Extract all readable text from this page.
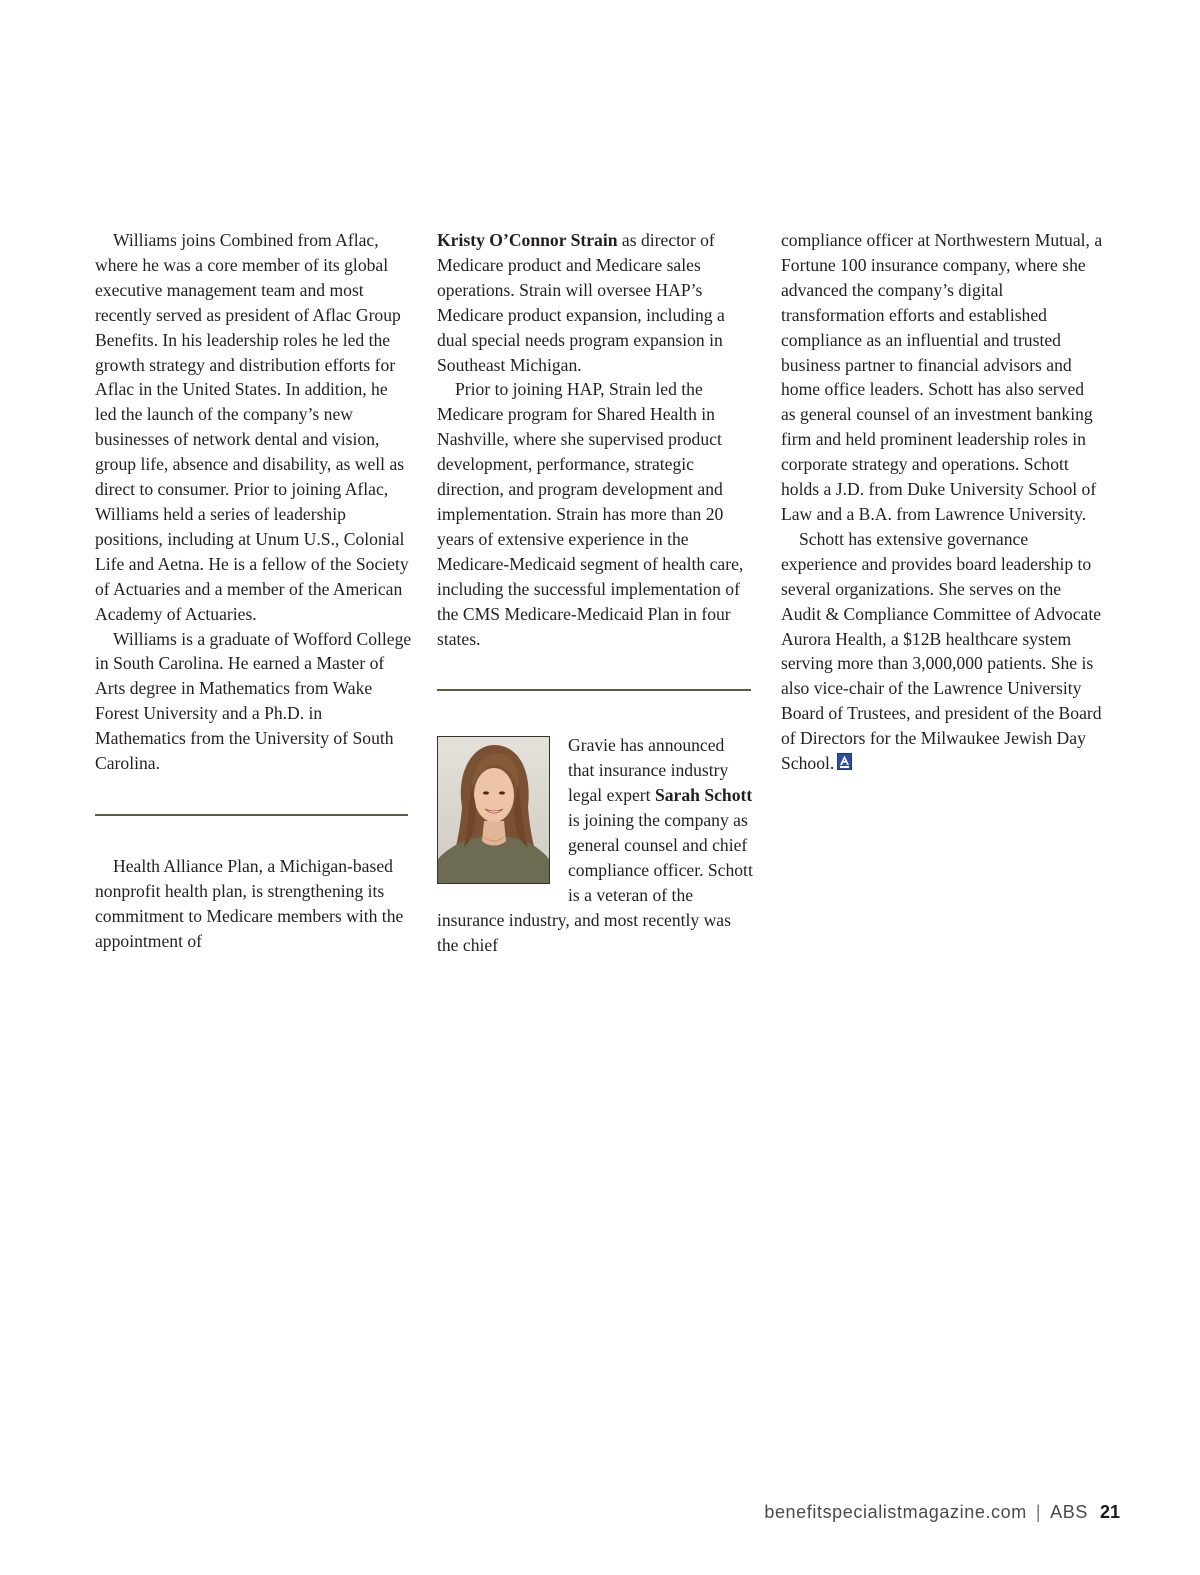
Williams joins Combined from Aflac, where he was a core member of its global executive management team and most recently served as president of Aflac Group Benefits. In his leadership roles he led the growth strategy and distribution efforts for Aflac in the United States. In addition, he led the launch of the company’s new businesses of network dental and vision, group life, absence and disability, as well as direct to consumer. Prior to joining Aflac, Williams held a series of leadership positions, including at Unum U.S., Colonial Life and Aetna. He is a fellow of the Society of Actuaries and a member of the American Academy of Actuaries.

Williams is a graduate of Wofford College in South Carolina. He earned a Master of Arts degree in Mathematics from Wake Forest University and a Ph.D. in Mathematics from the University of South Carolina.

Health Alliance Plan, a Michigan-based nonprofit health plan, is strengthening its commitment to Medicare members with the appointment of

Kristy O’Connor Strain as director of Medicare product and Medicare sales operations. Strain will oversee HAP’s Medicare product expansion, including a dual special needs program expansion in Southeast Michigan.

Prior to joining HAP, Strain led the Medicare program for Shared Health in Nashville, where she supervised product development, performance, strategic direction, and program development and implementation. Strain has more than 20 years of extensive experience in the Medicare-Medicaid segment of health care, including the successful implementation of the CMS Medicare-Medicaid Plan in four states.

Gravie has announced that insurance industry legal expert Sarah Schott is joining the company as general counsel and chief compliance officer. Schott is a veteran of the insurance industry, and most recently was the chief

compliance officer at Northwestern Mutual, a Fortune 100 insurance company, where she advanced the company’s digital transformation efforts and established compliance as an influential and trusted business partner to financial advisors and home office leaders. Schott has also served as general counsel of an investment banking firm and held prominent leadership roles in corporate strategy and operations. Schott holds a J.D. from Duke University School of Law and a B.A. from Lawrence University.

Schott has extensive governance experience and provides board leadership to several organizations. She serves on the Audit & Compliance Committee of Advocate Aurora Health, a $12B healthcare system serving more than 3,000,000 patients. She is also vice-chair of the Lawrence University Board of Trustees, and president of the Board of Directors for the Milwaukee Jewish Day School.

benefitspecialistmagazine.com | ABS 21
